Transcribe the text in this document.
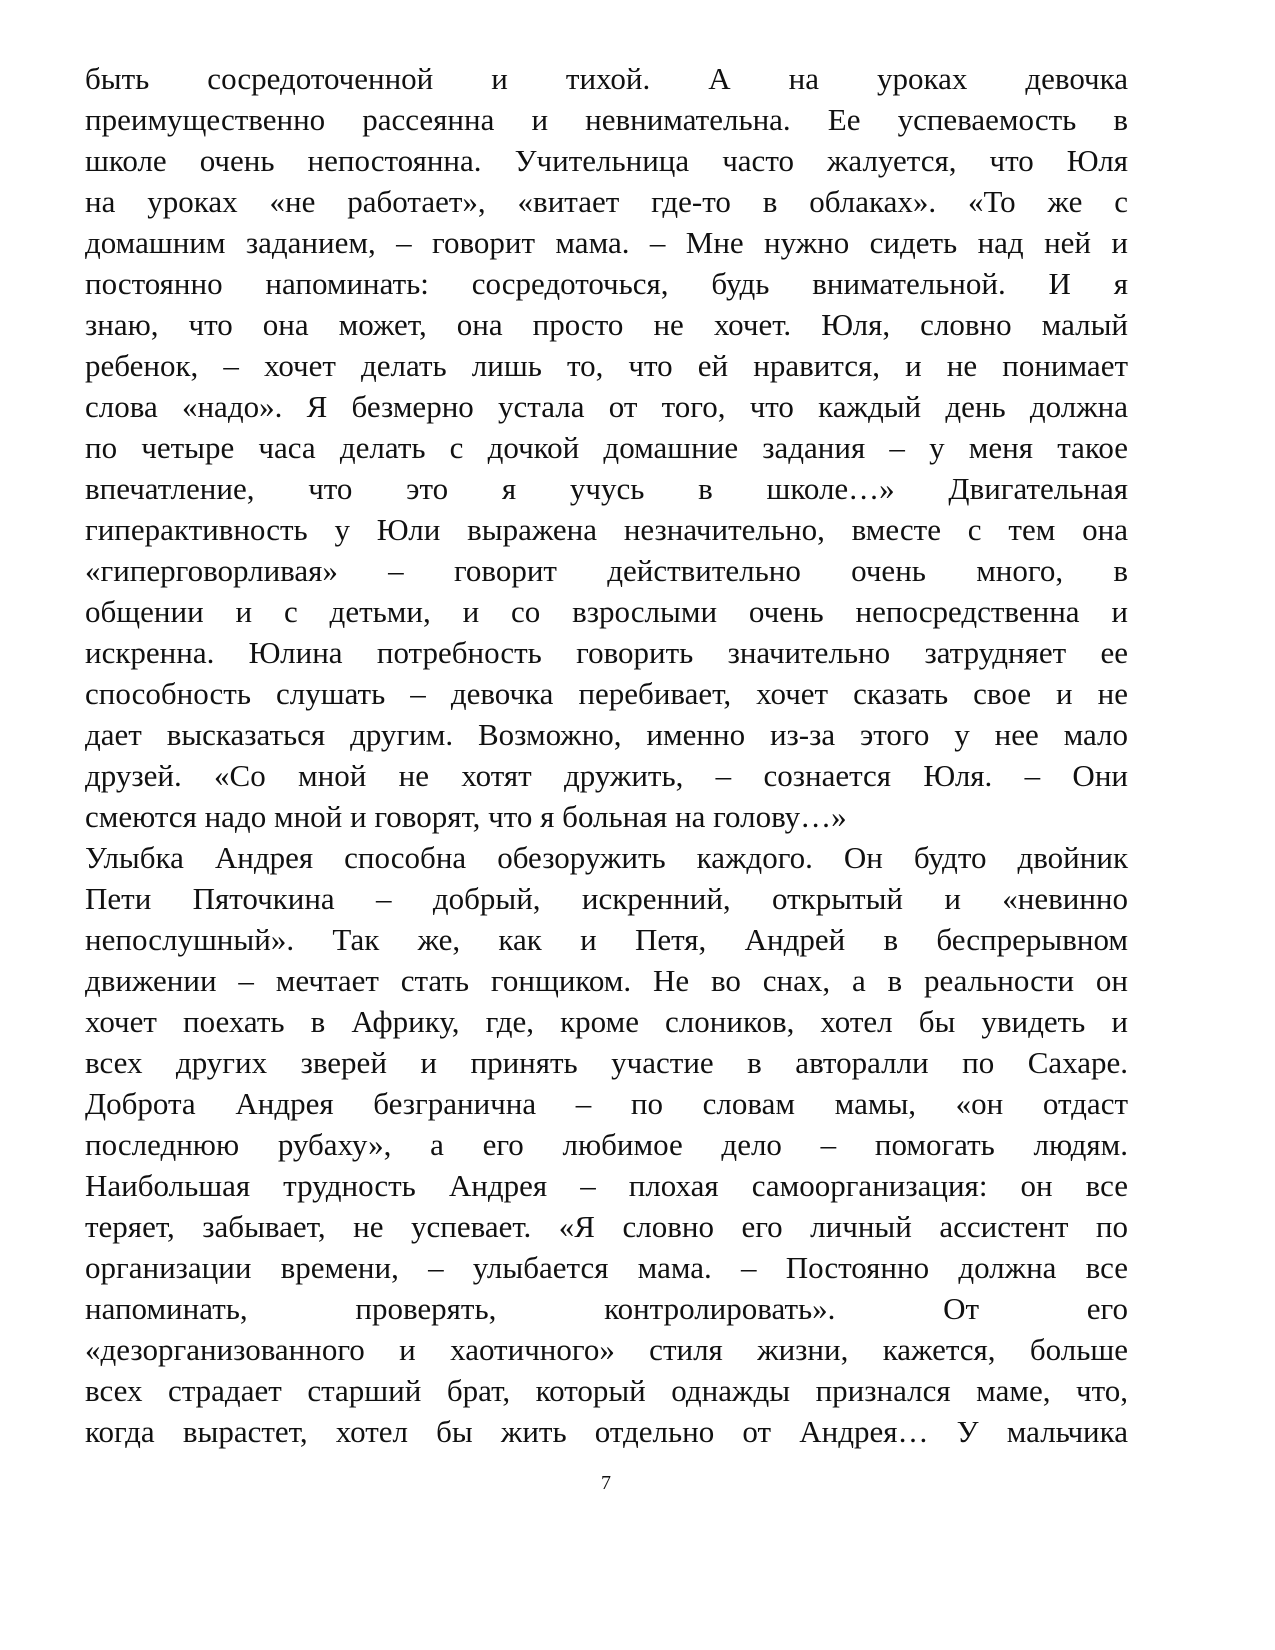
быть сосредоточенной и тихой. А на уроках девочка
преимущественно рассеянна и невнимательна. Ее успеваемость в
школе очень непостоянна. Учительница часто жалуется, что Юля
на уроках «не работает», «витает где-то в облаках». «То же с
домашним заданием, – говорит мама. – Мне нужно сидеть над ней и
постоянно напоминать: сосредоточься, будь внимательной. И я
знаю, что она может, она просто не хочет. Юля, словно малый
ребенок, – хочет делать лишь то, что ей нравится, и не понимает
слова «надо». Я безмерно устала от того, что каждый день должна
по четыре часа делать с дочкой домашние задания – у меня такое
впечатление, что это я учусь в школе…» Двигательная
гиперактивность у Юли выражена незначительно, вместе с тем она
«гиперговорливая» – говорит действительно очень много, в
общении и с детьми, и со взрослыми очень непосредственна и
искренна. Юлина потребность говорить значительно затрудняет ее
способность слушать – девочка перебивает, хочет сказать свое и не
дает высказаться другим. Возможно, именно из-за этого у нее мало
друзей. «Со мной не хотят дружить, – сознается Юля. – Они
смеются надо мной и говорят, что я больная на голову…»
Улыбка Андрея способна обезоружить каждого. Он будто двойник
Пети Пяточкина – добрый, искренний, открытый и «невинно
непослушный». Так же, как и Петя, Андрей в беспрерывном
движении – мечтает стать гонщиком. Не во снах, а в реальности он
хочет поехать в Африку, где, кроме слоников, хотел бы увидеть и
всех других зверей и принять участие в авторалли по Сахаре.
Доброта Андрея безгранична – по словам мамы, «он отдаст
последнюю рубаху», а его любимое дело – помогать людям.
Наибольшая трудность Андрея – плохая самоорганизация: он все
теряет, забывает, не успевает. «Я словно его личный ассистент по
организации времени, – улыбается мама. – Постоянно должна все
напоминать, проверять, контролировать». От его
«дезорганизованного и хаотичного» стиля жизни, кажется, больше
всех страдает старший брат, который однажды признался маме, что,
когда вырастет, хотел бы жить отдельно от Андрея… У мальчика
7
